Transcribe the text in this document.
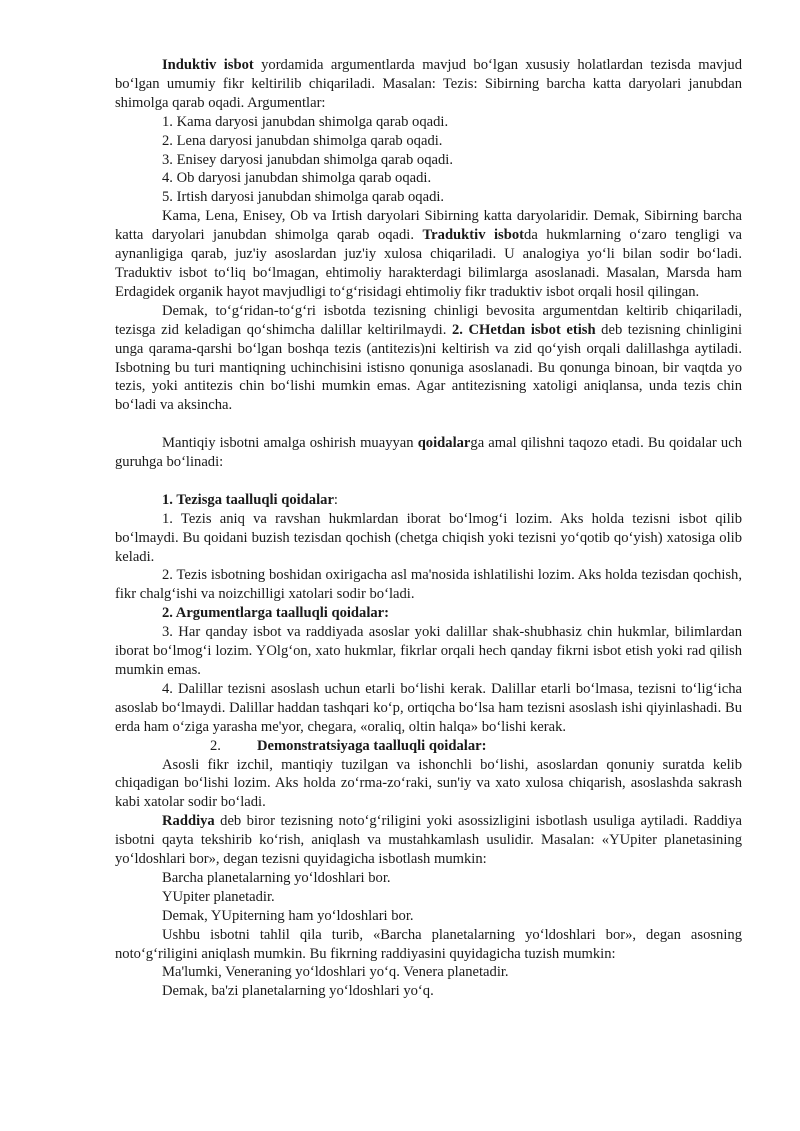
Induktiv isbot yordamida argumentlarda mavjud bo‘lgan xususiy holatlardan tezisda mavjud bo‘lgan umumiy fikr keltirilib chiqariladi. Masalan: Tezis: Sibirning barcha katta daryolari janubdan shimolga qarab oqadi. Argumentlar:

1. Kama daryosi janubdan shimolga qarab oqadi.

2. Lena daryosi janubdan shimolga qarab oqadi.

3. Enisey daryosi janubdan shimolga qarab oqadi.

4. Ob daryosi janubdan shimolga qarab oqadi.

5. Irtish daryosi janubdan shimolga qarab oqadi.

Kama, Lena, Enisey, Ob va Irtish daryolari Sibirning katta daryolaridir. Demak, Sibirning barcha katta daryolari janubdan shimolga qarab oqadi. Traduktiv isbotda hukmlarning o‘zaro tengligi va aynanligiga qarab, juz'iy asoslardan juz'iy xulosa chiqariladi. U analogiya yo‘li bilan sodir bo‘ladi. Traduktiv isbot to‘liq bo‘lmagan, ehtimoliy harakterdagi bilimlarga asoslanadi. Masalan, Marsda ham Erdagidek organik hayot mavjudligi to‘g‘risidagi ehtimoliy fikr traduktiv isbot orqali hosil qilingan.

Demak, to‘g‘ridan-to‘g‘ri isbotda tezisning chinligi bevosita argumentdan keltirib chiqariladi, tezisga zid keladigan qo‘shimcha dalillar keltirilmaydi. 2. CHetdan isbot etish deb tezisning chinligini unga qarama-qarshi bo‘lgan boshqa tezis (antitezis)ni keltirish va zid qo‘yish orqali dalillashga aytiladi. Isbotning bu turi mantiqning uchinchisini istisno qonuniga asoslanadi. Bu qonunga binoan, bir vaqtda yo tezis, yoki antitezis chin bo‘lishi mumkin emas. Agar antitezisning xatoligi aniqlansa, unda tezis chin bo‘ladi va aksincha.

Mantiqiy isbotni amalga oshirish muayyan qoidalarga amal qilishni taqozo etadi. Bu qoidalar uch guruhga bo‘linadi:

1. Tezisga taalluqli qoidalar:

1. Tezis aniq va ravshan hukmlardan iborat bo‘lmog‘i lozim. Aks holda tezisni isbot qilib bo‘lmaydi. Bu qoidani buzish tezisdan qochish (chetga chiqish yoki tezisni yo‘qotib qo‘yish) xatosiga olib keladi.

2. Tezis isbotning boshidan oxirigacha asl ma'nosida ishlatilishi lozim. Aks holda tezisdan qochish, fikr chalg‘ishi va noizchilligi xatolari sodir bo‘ladi.

2. Argumentlarga taalluqli qoidalar:

3. Har qanday isbot va raddiyada asoslar yoki dalillar shak-shubhasiz chin hukmlar, bilimlardan iborat bo‘lmog‘i lozim. YOlg‘on, xato hukmlar, fikrlar orqali hech qanday fikrni isbot etish yoki rad qilish mumkin emas.

4. Dalillar tezisni asoslash uchun etarli bo‘lishi kerak. Dalillar etarli bo‘lmasa, tezisni to‘lig‘icha asoslab bo‘lmaydi. Dalillar haddan tashqari ko‘p, ortiqcha bo‘lsa ham tezisni asoslash ishi qiyinlashadi. Bu erda ham o‘ziga yarasha me'yor, chegara, «oraliq, oltin halqa» bo‘lishi kerak.

2. Demonstratsiyaga taalluqli qoidalar:

Asosli fikr izchil, mantiqiy tuzilgan va ishonchli bo‘lishi, asoslardan qonuniy suratda kelib chiqadigan bo‘lishi lozim. Aks holda zo‘rma-zo‘raki, sun'iy va xato xulosa chiqarish, asoslashda sakrash kabi xatolar sodir bo‘ladi.

Raddiya deb biror tezisning noto‘g‘riligini yoki asossizligini isbotlash usuliga aytiladi. Raddiya isbotni qayta tekshirib ko‘rish, aniqlash va mustahkamlash usulidir. Masalan: «YUpiter planetasining yo‘ldoshlari bor», degan tezisni quyidagicha isbotlash mumkin:

Barcha planetalarning yo‘ldoshlari bor.

YUpiter planetadir.

Demak, YUpiterning ham yo‘ldoshlari bor.

Ushbu isbotni tahlil qila turib, «Barcha planetalarning yo‘ldoshlari bor», degan asosning noto‘g‘riligini aniqlash mumkin. Bu fikrning raddiyasini quyidagicha tuzish mumkin:

Ma'lumki, Veneraning yo‘ldoshlari yo‘q. Venera planetadir.

Demak, ba'zi planetalarning yo‘ldoshlari yo‘q.
